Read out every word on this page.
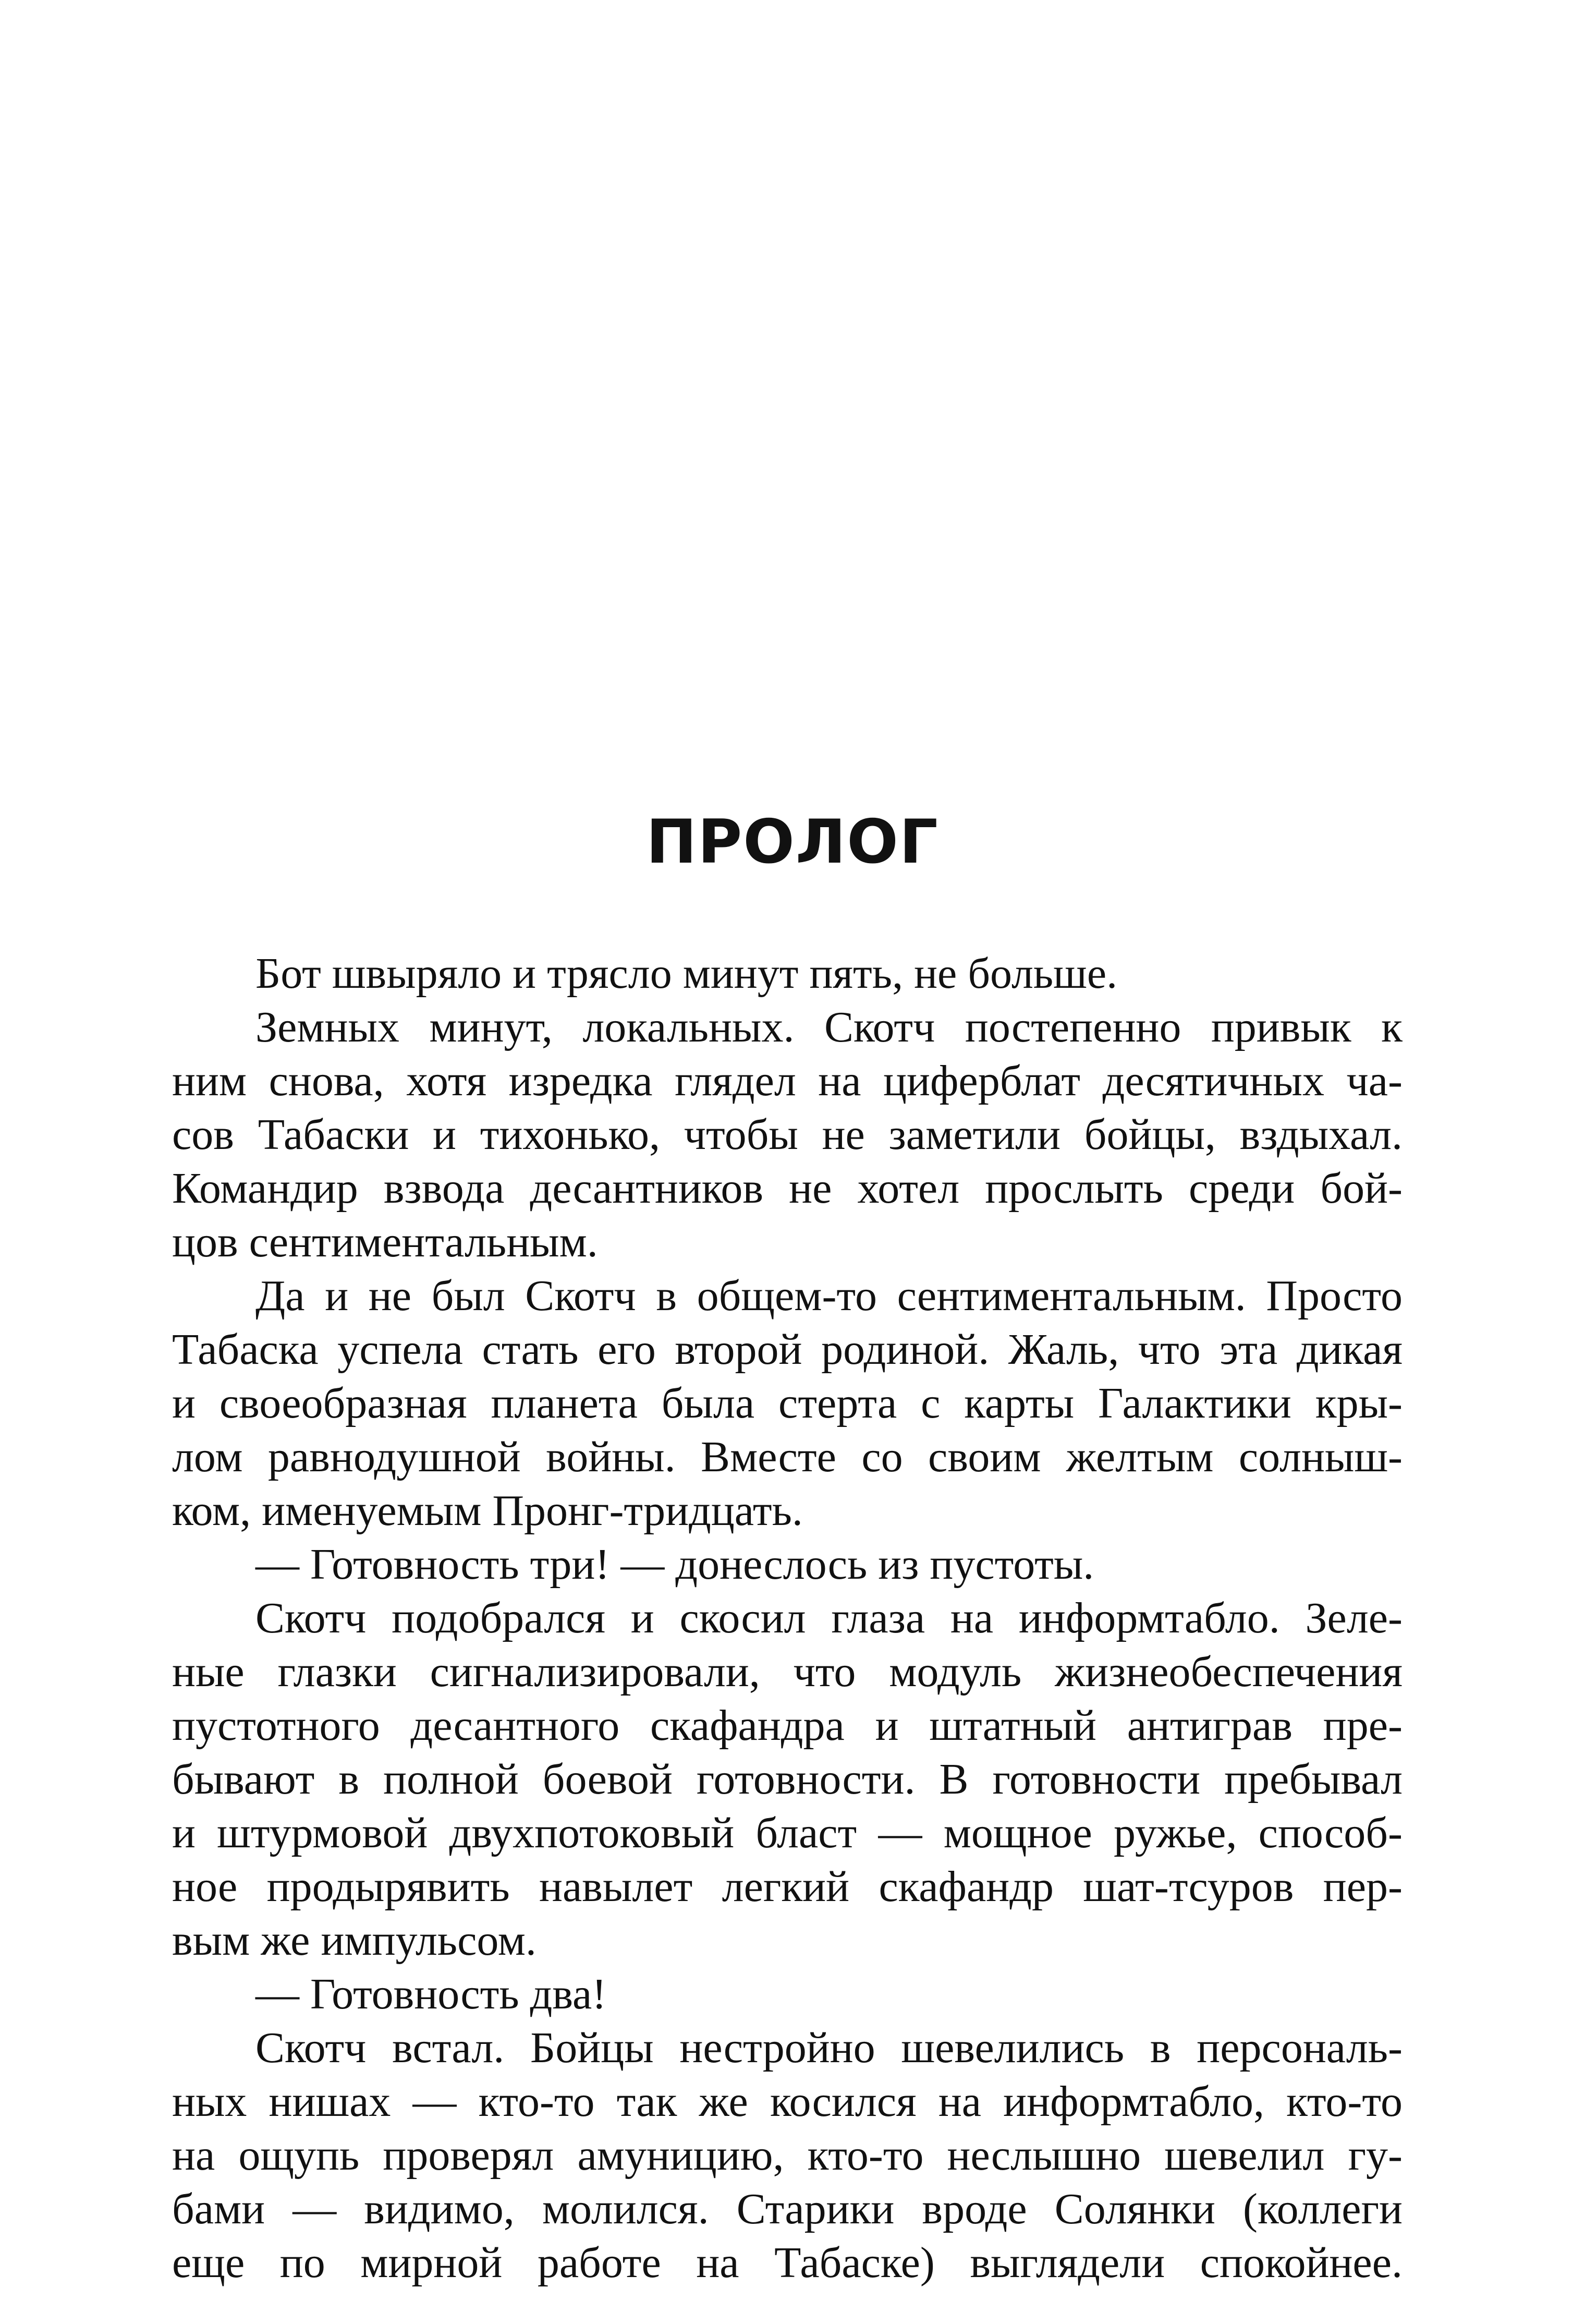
ПРОЛОГ
Бот швыряло и трясло минут пять, не больше.
Земных минут, локальных. Скотч постепенно привык к
ним снова, хотя изредка глядел на циферблат десятичных ча-
сов Табаски и тихонько, чтобы не заметили бойцы, вздыхал.
Командир взвода десантников не хотел прослыть среди бой-
цов сентиментальным.
Да и не был Скотч в общем-то сентиментальным. Просто
Табаска успела стать его второй родиной. Жаль, что эта дикая
и своеобразная планета была стерта с карты Галактики кры-
лом равнодушной войны. Вместе со своим желтым солныш-
ком, именуемым Пронг-тридцать.
— Готовность три! — донеслось из пустоты.
Скотч подобрался и скосил глаза на информтабло. Зеле-
ные глазки сигнализировали, что модуль жизнеобеспечения
пустотного десантного скафандра и штатный антиграв пре-
бывают в полной боевой готовности. В готовности пребывал
и штурмовой двухпотоковый бласт — мощное ружье, способ-
ное продырявить навылет легкий скафандр шат-тсуров пер-
вым же импульсом.
— Готовность два!
Скотч встал. Бойцы нестройно шевелились в персональ-
ных нишах — кто-то так же косился на информтабло, кто-то
на ощупь проверял амуницию, кто-то неслышно шевелил гу-
бами — видимо, молился. Старики вроде Солянки (коллеги
еще по мирной работе на Табаске) выглядели спокойнее.
